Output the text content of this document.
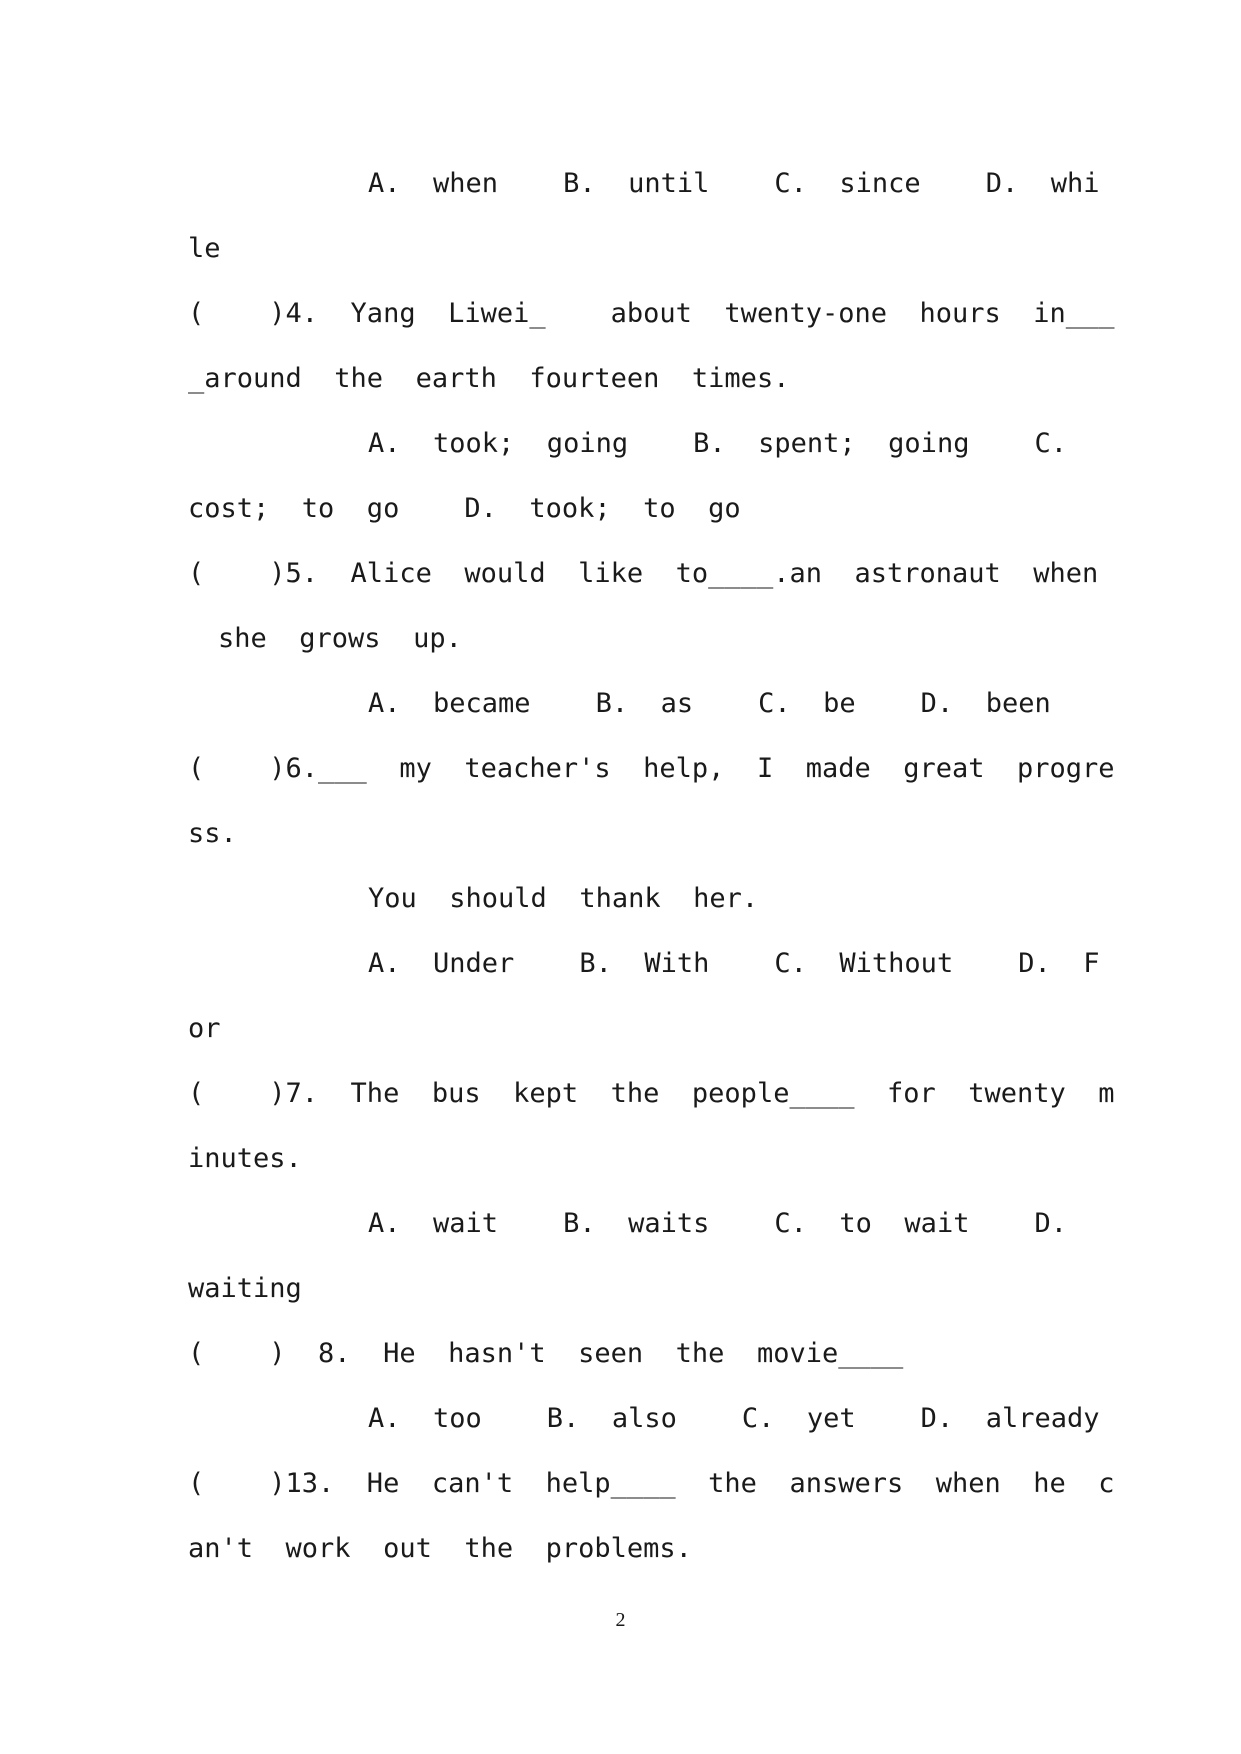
A.  when    B.  until    C.  since    D.  whi
le
(    )4.  Yang  Liwei_    about  twenty-one  hours  in___
_around  the  earth  fourteen  times.
A.  took;  going    B.  spent;  going    C.
cost;  to  go    D.  took;  to  go
(    )5.  Alice  would  like  to____.an  astronaut  when
she  grows  up.
A.  became    B.  as    C.  be    D.  been
(    )6.___  my  teacher's  help,  I  made  great  progre
ss.
You  should  thank  her.
A.  Under    B.  With    C.  Without    D.  F
or
(    )7.  The  bus  kept  the  people____  for  twenty  m
inutes.
A.  wait    B.  waits    C.  to  wait    D.
waiting
(    )  8.  He  hasn't  seen  the  movie____
A.  too    B.  also    C.  yet    D.  already
(    )13.  He  can't  help____  the  answers  when  he  c
an't  work  out  the  problems.
2
